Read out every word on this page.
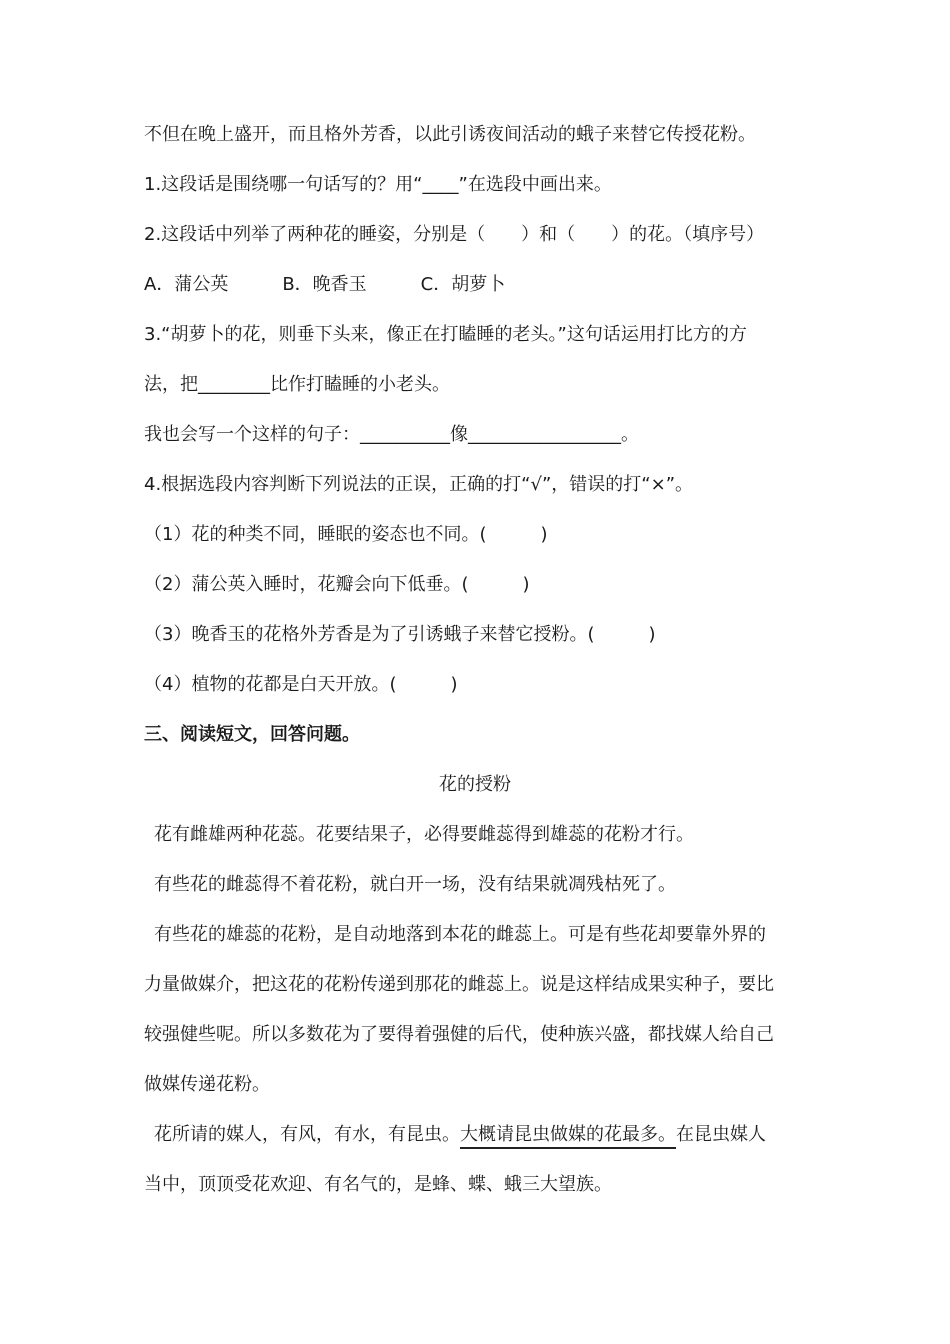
不但在晚上盛开，而且格外芳香，以此引诱夜间活动的蛾子来替它传授花粉。
1.这段话是围绕哪一句话写的？用“____”在选段中画出来。
2.这段话中列举了两种花的睡姿，分别是（　　）和（　　）的花。（填序号）
A．蒲公英　　　B．晚香玉　　　C．胡萝卜
3.“胡萝卜的花，则垂下头来，像正在打瞌睡的老头。”这句话运用打比方的方
法，把________比作打瞌睡的小老头。
我也会写一个这样的句子：__________像_________________。
4.根据选段内容判断下列说法的正误，正确的打“√”，错误的打“×”。
（1）花的种类不同，睡眠的姿态也不同。(　　　)
（2）蒲公英入睡时，花瓣会向下低垂。(　　　)
（3）晚香玉的花格外芳香是为了引诱蛾子来替它授粉。(　　　)
（4）植物的花都是白天开放。(　　　)
三、阅读短文，回答问题。
花的授粉
花有雌雄两种花蕊。花要结果子，必得要雌蕊得到雄蕊的花粉才行。
有些花的雌蕊得不着花粉，就白开一场，没有结果就凋残枯死了。
有些花的雄蕊的花粉，是自动地落到本花的雌蕊上。可是有些花却要靠外界的
力量做媒介，把这花的花粉传递到那花的雌蕊上。说是这样结成果实种子，要比
较强健些呢。所以多数花为了要得着强健的后代，使种族兴盛，都找媒人给自己
做媒传递花粉。
花所请的媒人，有风，有水，有昆虫。大概请昆虫做媒的花最多。在昆虫媒人
当中，顶顶受花欢迎、有名气的，是蜂、蝶、蛾三大望族。
